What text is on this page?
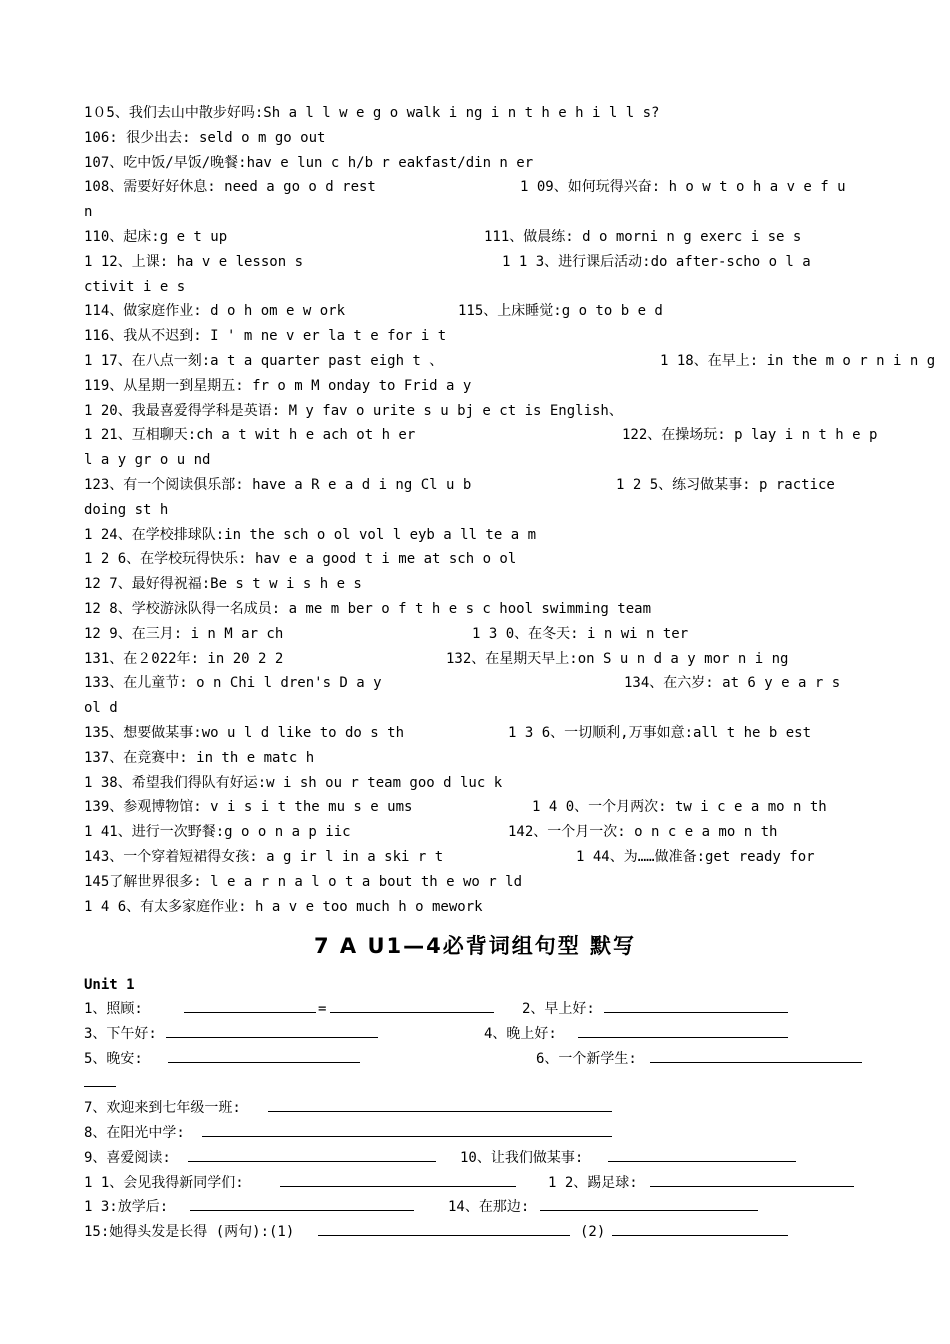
1０5、我们去山中散步好吗:Sh a l l w e g o walk i ng i n t h e h i l l s?
106: 很少出去: seld o m go out
107、吃中饭/早饭/晚餐:hav e lun c h/b r eakfast/din n er
108、需要好好休息: need a go o d rest	1 09、如何玩得兴奋: h o w t o h a v e f u
n
110、起床:g e t up	111、做晨练: d o morni n g exerc i se s
1 12、上课: ha v e lesson s	1 1 3、进行课后活动:do after-scho o l a
ctivit i e s
114、做家庭作业: d o h om e w ork	115、上床睡觉:g o to b e d
116、我从不迟到: I ' m ne v er la t e for i t
1 17、在八点一刻:a t a quarter past eigh t 、	1 18、在早上: in the m o r n i n g
119、从星期一到星期五: fr o m M onday to Frid a y
1 20、我最喜爱得学科是英语: M y fav o urite s u bj e ct is English、
1 21、互相聊天:ch a t wit h e ach ot h er	122、在操场玩: p lay i n t h e p
l a y gr o u nd
123、有一个阅读俱乐部: have a R e a d i ng Cl u b	1 2 5、练习做某事: p ractice
doing st h
1 24、在学校排球队:in the sch o ol vol l eyb a ll te a m
1 2 6、在学校玩得快乐: hav e a good t i me at sch o ol
12 7、最好得祝福:Be s t w i s h e s
12 8、学校游泳队得一名成员: a me m ber o f t h e s c hool swimming team
12 9、在三月: i n M ar ch	1 3 0、在冬天: i n wi n ter
131、在２022年: in 20 2 2	132、在星期天早上:on S u n d a y mor n i ng
133、在儿童节: o n Chi l dren's D a y	134、在六岁: at 6 y e a r s
ol d
135、想要做某事:wo u l d like to do s th	1 3 6、一切顺利,万事如意:all t he b est
137、在竞赛中: in th e matc h
1 38、希望我们得队有好运:w i sh ou r team goo d luc k
139、参观博物馆: v i s i t the mu s e ums	1 4 0、一个月两次: tw i c e a mo n th
1 41、进行一次野餐:g o o n a p iic	142、一个月一次: o n c e a mo n th
143、一个穿着短裙得女孩: a g ir l in a ski r t	1 44、为……做准备:get ready for
145了解世界很多: l e a r n a l o t a bout th e wo r ld
1 4 6、有太多家庭作业: h a v e too much h o mework
7 A U1—4必背词组句型 默写
Unit 1
1、照顾:	=	2、早上好:
3、下午好:	4、晚上好:
5、晚安:	6、一个新学生:
7、欢迎来到七年级一班:
8、在阳光中学:
9、喜爱阅读:	10、让我们做某事:
1 1、会见我得新同学们:	1 2、踢足球:
1 3:放学后:	14、在那边:
15:她得头发是长得 (两句):(1)	(2)
